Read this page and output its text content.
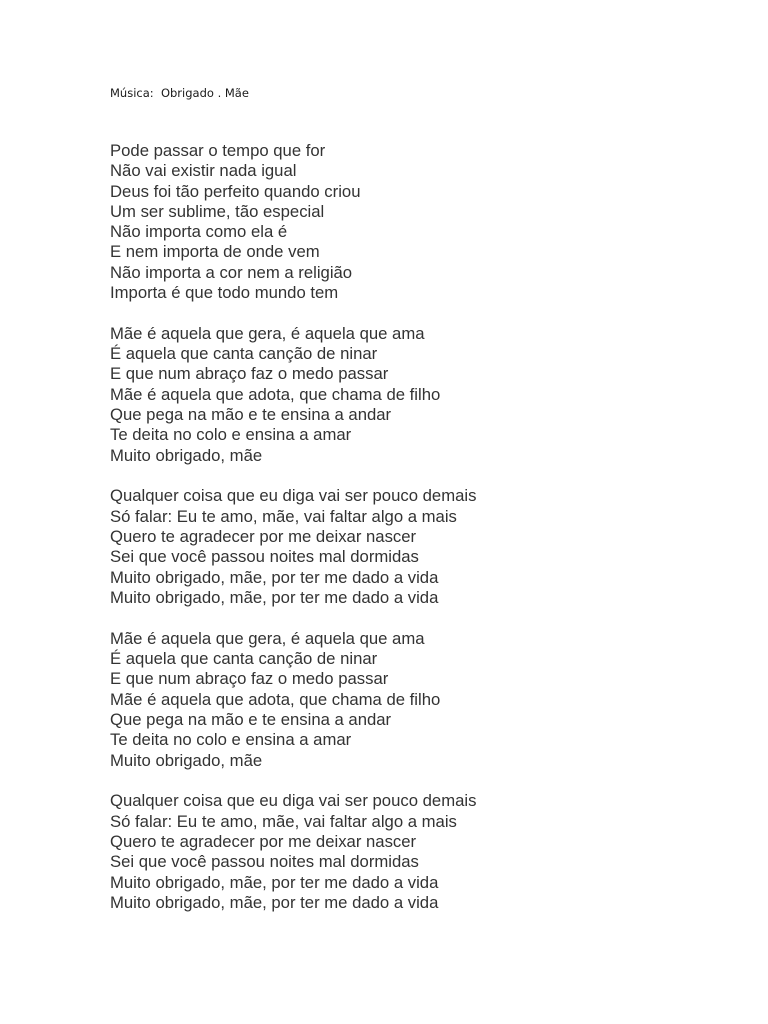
Música:  Obrigado . Mãe
Pode passar o tempo que for
Não vai existir nada igual
Deus foi tão perfeito quando criou
Um ser sublime, tão especial
Não importa como ela é
E nem importa de onde vem
Não importa a cor nem a religião
Importa é que todo mundo tem
Mãe é aquela que gera, é aquela que ama
É aquela que canta canção de ninar
E que num abraço faz o medo passar
Mãe é aquela que adota, que chama de filho
Que pega na mão e te ensina a andar
Te deita no colo e ensina a amar
Muito obrigado, mãe
Qualquer coisa que eu diga vai ser pouco demais
Só falar: Eu te amo, mãe, vai faltar algo a mais
Quero te agradecer por me deixar nascer
Sei que você passou noites mal dormidas
Muito obrigado, mãe, por ter me dado a vida
Muito obrigado, mãe, por ter me dado a vida
Mãe é aquela que gera, é aquela que ama
É aquela que canta canção de ninar
E que num abraço faz o medo passar
Mãe é aquela que adota, que chama de filho
Que pega na mão e te ensina a andar
Te deita no colo e ensina a amar
Muito obrigado, mãe
Qualquer coisa que eu diga vai ser pouco demais
Só falar: Eu te amo, mãe, vai faltar algo a mais
Quero te agradecer por me deixar nascer
Sei que você passou noites mal dormidas
Muito obrigado, mãe, por ter me dado a vida
Muito obrigado, mãe, por ter me dado a vida
